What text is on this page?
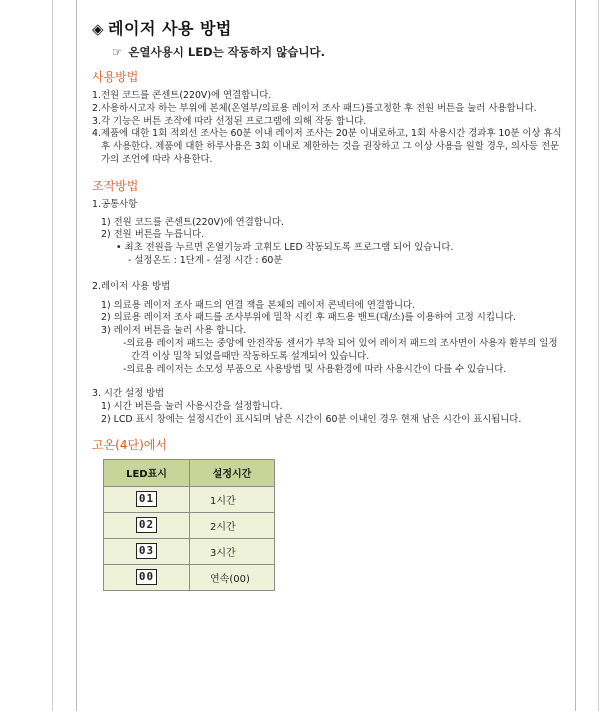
◈ 레이저 사용 방법
☞ 온열사용시 LED는 작동하지 않습니다.
사용방법

1.전원 코드를 콘센트(220V)에 연결합니다.

2.사용하시고자 하는 부위에 본체(온열부/의료용 레이저 조사 패드)를고정한 후 전원 버튼을 눌러 사용합니다.

3.각 기능은 버튼 조작에 따라 선정된 프로그램에 의해 작동 합니다.

4.제품에 대한 1회 적외선 조사는 60분 이내 레이저 조사는 20분 이내로하고, 1회 사용시간 경과후 10분 이상 휴식 후 사용한다. 제품에 대한 하루사용은 3회 이내로 제한하는 것을 권장하고 그 이상 사용을 원할 경우, 의사등 전문가의 조언에 따라 사용한다.

조작방법

1.공통사항

1) 전원 코드를 콘센트(220V)에 연결합니다.

2) 전원 버튼을 누릅니다.

• 최초 전원을 누르면 온열기능과 고휘도 LED 작동되도록 프로그램 되어 있습니다.

- 설정온도 : 1단계 - 설정 시간 : 60분

2.레이저 사용 방법

1) 의료용 레이저 조사 패드의 연결 잭을 본체의 레이저 콘넥터에 연결합니다.

2) 의료용 레이저 조사 패드를 조사부위에 밀착 시킨 후 패드용 밴트(대/소)를 이용하여 고정 시킵니다.

3) 레이저 버튼을 눌러 사용 합니다.

-의료용 레이저 패드는 중앙에 안전작동 센서가 부착 되어 있어 레이저 패드의 조사면이 사용자 환부의 일정간격 이상 밀착 되었을때만 작동하도록 설계되어 있습니다.

-의료용 레이저는 소모성 부품으로 사용방법 및 사용환경에 따라 사용시간이 다를 수 있습니다.

3. 시간 설정 방법

1) 시간 버튼을 눌러 사용시간을 설정합니다.

2) LCD 표시 창에는 설정시간이 표시되며 남은 시간이 60분 이내인 경우 현재 남은 시간이 표시됩니다.

고온(4단)에서
LED표시	설정시간
01	1시간
02	2시간
03	3시간
00	연속(00)
